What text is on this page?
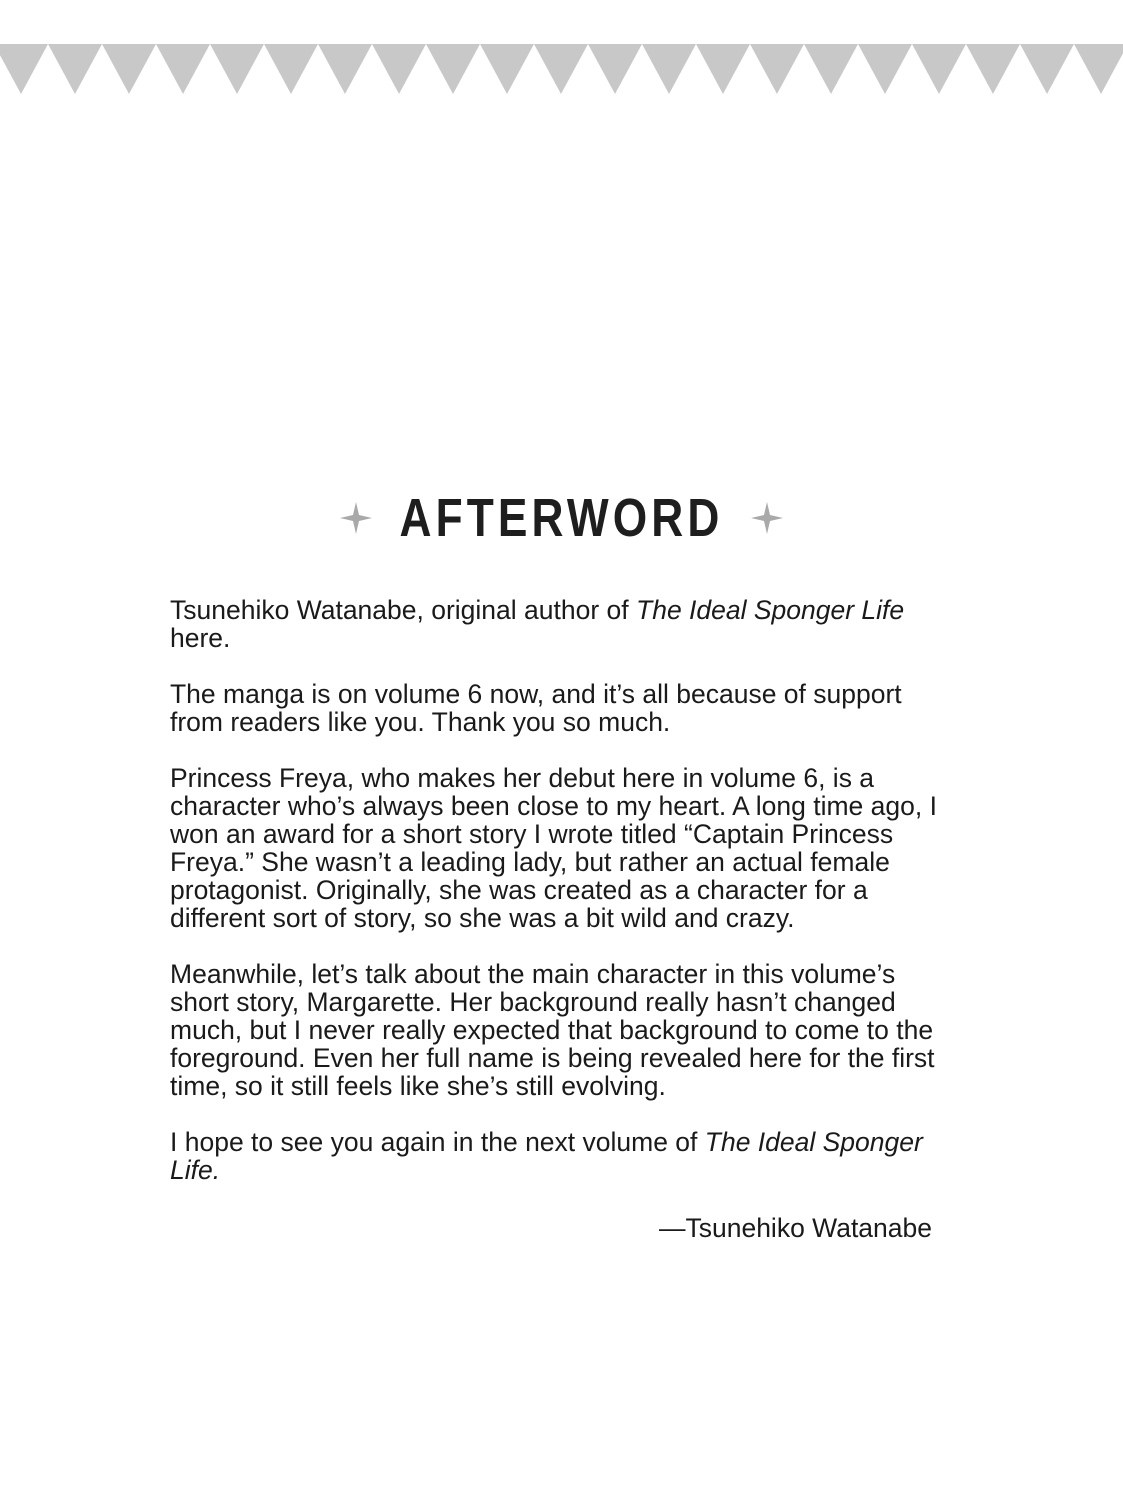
AFTERWORD

Tsunehiko Watanabe, original author of The Ideal Sponger Life
here.

The manga is on volume 6 now, and it’s all because of support from readers like you. Thank you so much.

Princess Freya, who makes her debut here in volume 6, is a character who’s always been close to my heart. A long time ago, I won an award for a short story I wrote titled “Captain Princess Freya.” She wasn’t a leading lady, but rather an actual female protagonist. Originally, she was created as a character for a different sort of story, so she was a bit wild and crazy.

Meanwhile, let’s talk about the main character in this volume’s short story, Margarette. Her background really hasn’t changed much, but I never really expected that background to come to the foreground. Even her full name is being revealed here for the first time, so it still feels like she’s still evolving.

I hope to see you again in the next volume of The Ideal Sponger Life.

—Tsunehiko Watanabe
